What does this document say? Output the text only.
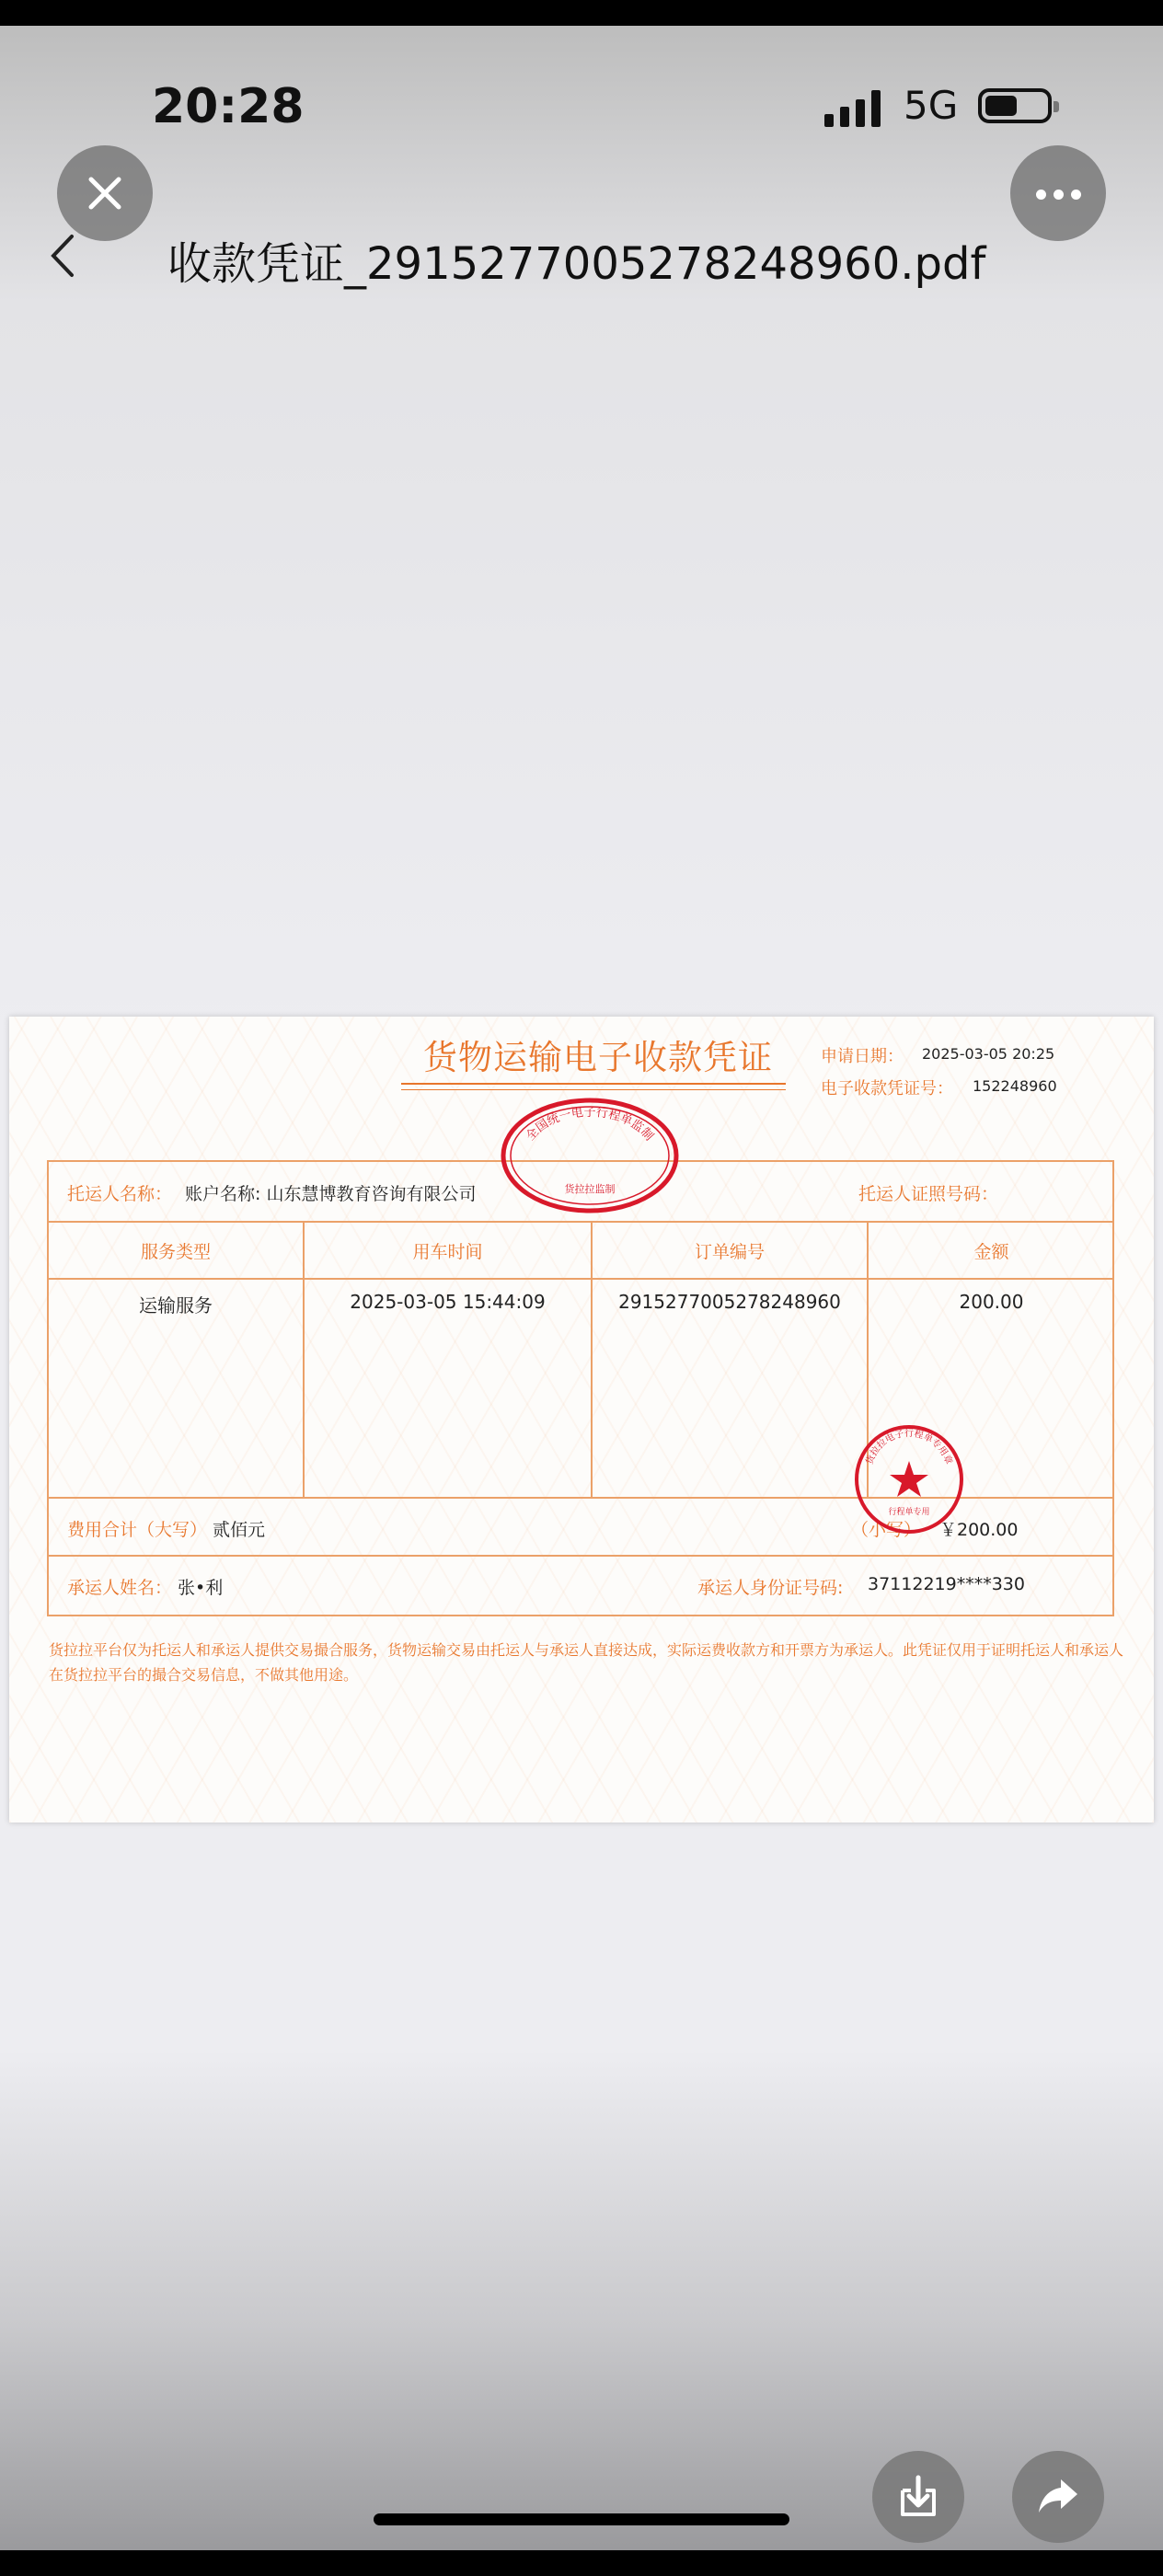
20:28	5G
收款凭证_2915277005278248960.pdf
货物运输电子收款凭证	申请日期： 2025-03-05 20:25
电子收款凭证号： 152248960
托运人名称： 账户名称: 山东慧博教育咨询有限公司	托运人证照号码：
服务类型	用车时间	订单编号	金额
运输服务	2025-03-05 15:44:09	2915277005278248960	200.00
费用合计（大写） 贰佰元	（小写） ￥200.00
承运人姓名： 张•利	承运人身份证号码: 37112219****330
货拉拉平台仅为托运人和承运人提供交易撮合服务，货物运输交易由托运人与承运人直接达成，实际运费收款方和开票方为承运人。此凭证仅用于证明托运人和承运人在货拉拉平台的撮合交易信息，不做其他用途。
全国统一电子行程单监制
货拉拉监制
货拉拉电子行程单专用章
行程单专用
